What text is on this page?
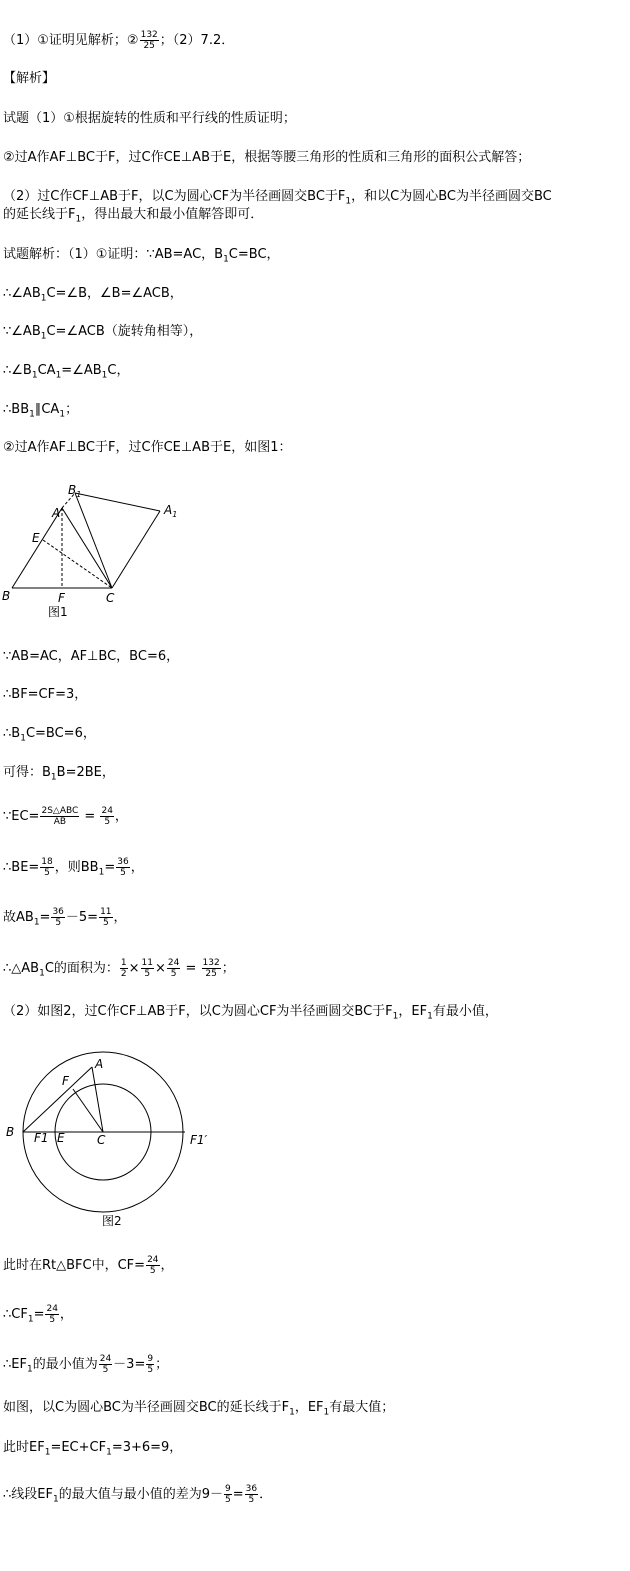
（1）①证明见解析；② $\frac{132}{25}$ ；（2）7.2．
【解析】
试题（1）①根据旋转的性质和平行线的性质证明；
②过A作AF⊥BC于F，过C作CE⊥AB于E，根据等腰三角形的性质和三角形的面积公式解答；
（2）过C作CF⊥AB于F，以C为圆心CF为半径画圆交BC于$F_1$，和以C为圆心BC为半径画圆交BC
的延长线于$F_1$，得出最大和最小值解答即可．
试题解析：（1）①证明：∵AB=AC，$B_1C=BC$，
$\therefore\angle AB_1C=\angle B$，∠B=∠ACB，
$\because\angle AB_1C=\angle ACB$（旋转角相等），
$\therefore\angle B_1CA_1=\angle AB_1C$，
$\therefore BB_1\parallel CA_1$；
②过A作AF⊥BC于F，过C作CE⊥AB于E，如图1：
$B_1$
$A_1$
A
E
B	F	C
图1
∵AB=AC，AF⊥BC，BC=6，
∴BF=CF=3，
$\therefore B_1C=BC=6$，
可得：$B_1B=2BE$，
∵EC= $\frac{\text{2S△ABC}}{AB} = \frac{24}{5}$ ，
∴BE= $\frac{18}{5}$ ，则$BB_1= \frac{36}{5}$ ，
故$AB_1= \frac{36}{5} -5= \frac{11}{5}$ ，
$\therefore\triangle AB_1C$的面积为： $\frac{1}{2} \times \frac{11}{5} \times \frac{24}{5} = \frac{132}{25}$ ；
（2）如图2，过C作CF⊥AB于F，以C为圆心CF为半径画圆交BC于$F_1$，$EF_1$有最小值，
A
F
B F1 E	C	F1′
图2
此时在Rt△BFC中，$CF= \frac{24}{5}$ ，
$\therefore CF_1= \frac{24}{5}$ ，
$\therefore EF_1$的最小值为 $\frac{24}{5} -3= \frac{9}{5}$ ；
如图，以C为圆心BC为半径画圆交BC的延长线于$F_1$，$EF_1$有最大值；
此时$EF_1=EC+CF_1=3+6=9$，
∴线段$EF_1$的最大值与最小值的差为$9- \frac{9}{5} = \frac{36}{5}$ ．
